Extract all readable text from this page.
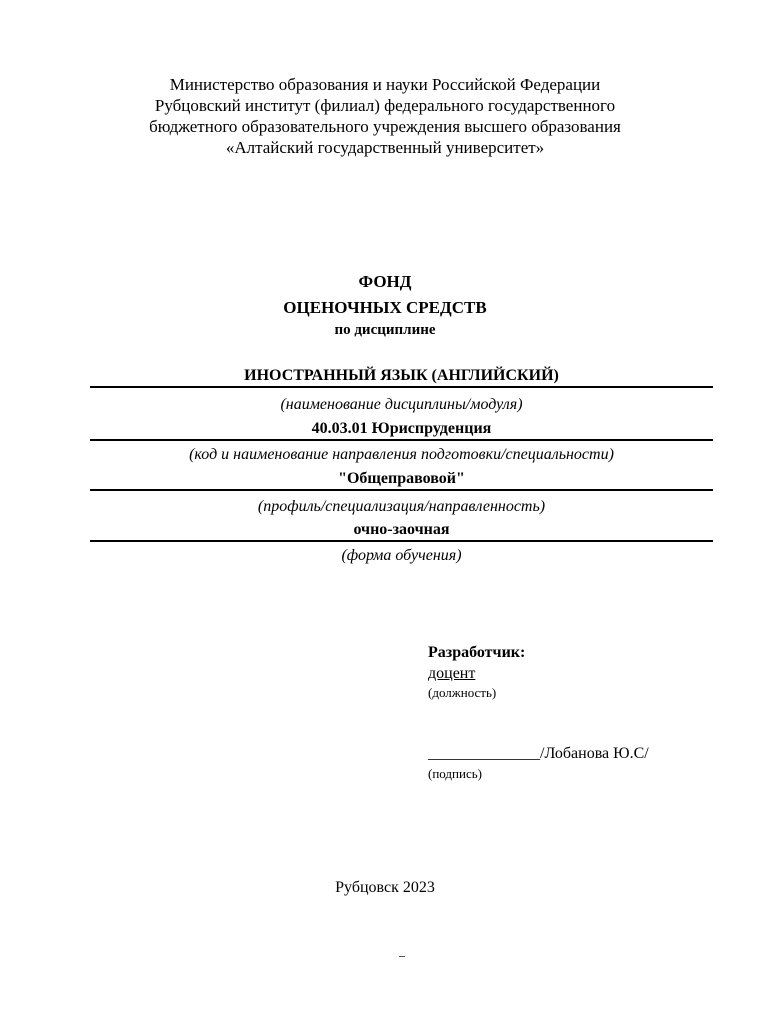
Министерство образования и науки Российской Федерации
Рубцовский институт (филиал) федерального государственного
бюджетного образовательного учреждения высшего образования
«Алтайский государственный университет»
ФОНД
ОЦЕНОЧНЫХ СРЕДСТВ
по дисциплине
ИНОСТРАННЫЙ ЯЗЫК (АНГЛИЙСКИЙ)
(наименование дисциплины/модуля)
40.03.01 Юриспруденция
(код и наименование направления подготовки/специальности)
"Общеправовой"
(профиль/специализация/направленность)
очно-заочная
(форма обучения)
Разработчик:
доцент
(должность)
______________/Лобанова Ю.С/
(подпись)
Рубцовск 2023
